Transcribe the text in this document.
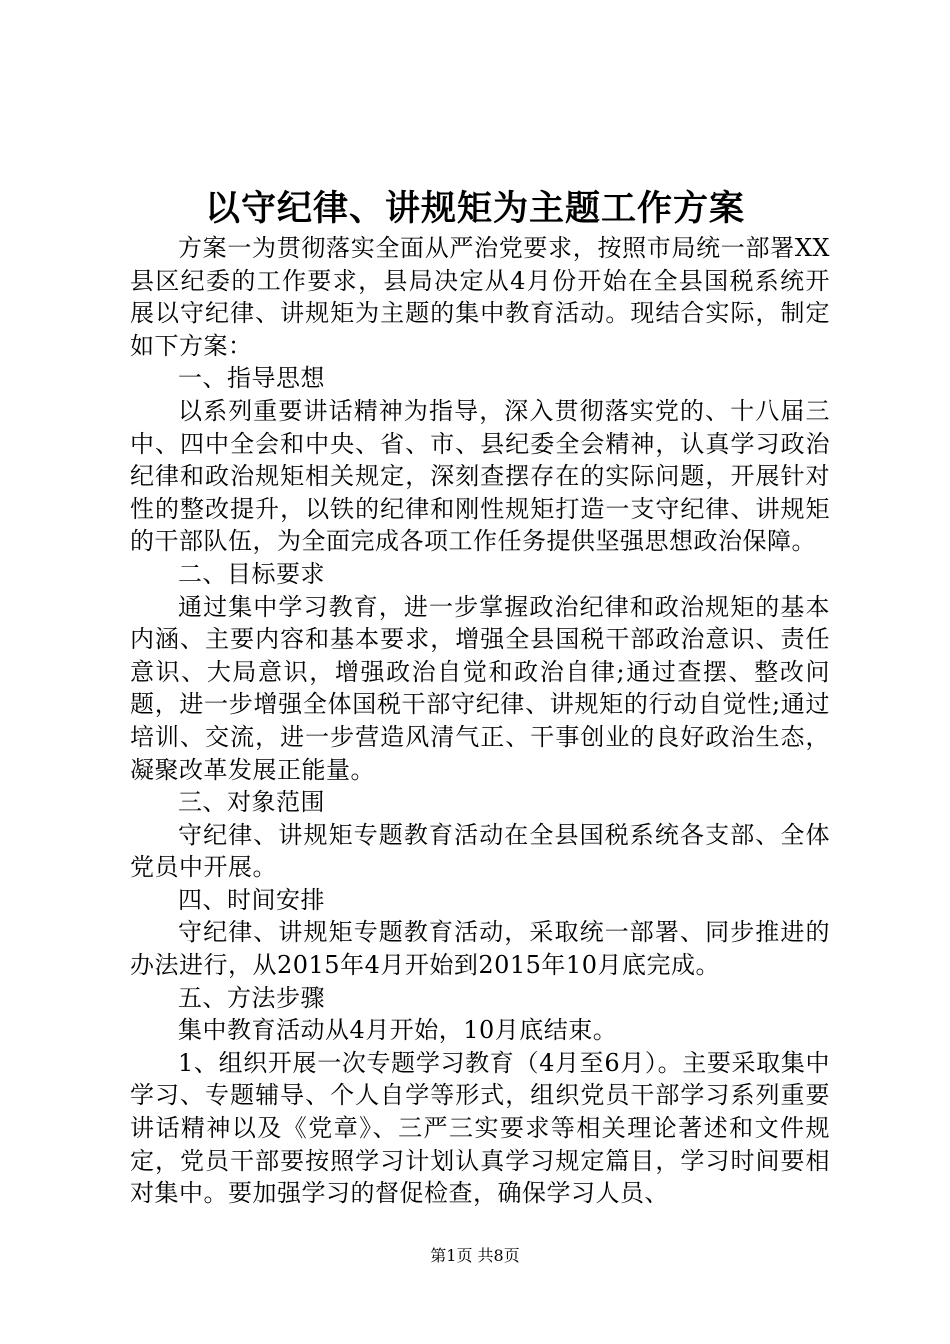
以守纪律、讲规矩为主题工作方案

方案一为贯彻落实全面从严治党要求，按照市局统一部署XX县区纪委的工作要求，县局决定从4月份开始在全县国税系统开展以守纪律、讲规矩为主题的集中教育活动。现结合实际，制定如下方案：

一、指导思想

以系列重要讲话精神为指导，深入贯彻落实党的、十八届三中、四中全会和中央、省、市、县纪委全会精神，认真学习政治纪律和政治规矩相关规定，深刻查摆存在的实际问题，开展针对性的整改提升，以铁的纪律和刚性规矩打造一支守纪律、讲规矩的干部队伍，为全面完成各项工作任务提供坚强思想政治保障。

二、目标要求

通过集中学习教育，进一步掌握政治纪律和政治规矩的基本内涵、主要内容和基本要求，增强全县国税干部政治意识、责任意识、大局意识，增强政治自觉和政治自律;通过查摆、整改问题，进一步增强全体国税干部守纪律、讲规矩的行动自觉性;通过培训、交流，进一步营造风清气正、干事创业的良好政治生态，凝聚改革发展正能量。

三、对象范围

守纪律、讲规矩专题教育活动在全县国税系统各支部、全体党员中开展。

四、时间安排

守纪律、讲规矩专题教育活动，采取统一部署、同步推进的办法进行，从2015年4月开始到2015年10月底完成。

五、方法步骤

集中教育活动从4月开始，10月底结束。

1、组织开展一次专题学习教育（4月至6月）。主要采取集中学习、专题辅导、个人自学等形式，组织党员干部学习系列重要讲话精神以及《党章》、三严三实要求等相关理论著述和文件规定，党员干部要按照学习计划认真学习规定篇目，学习时间要相对集中。要加强学习的督促检查，确保学习人员、

第1页 共8页
